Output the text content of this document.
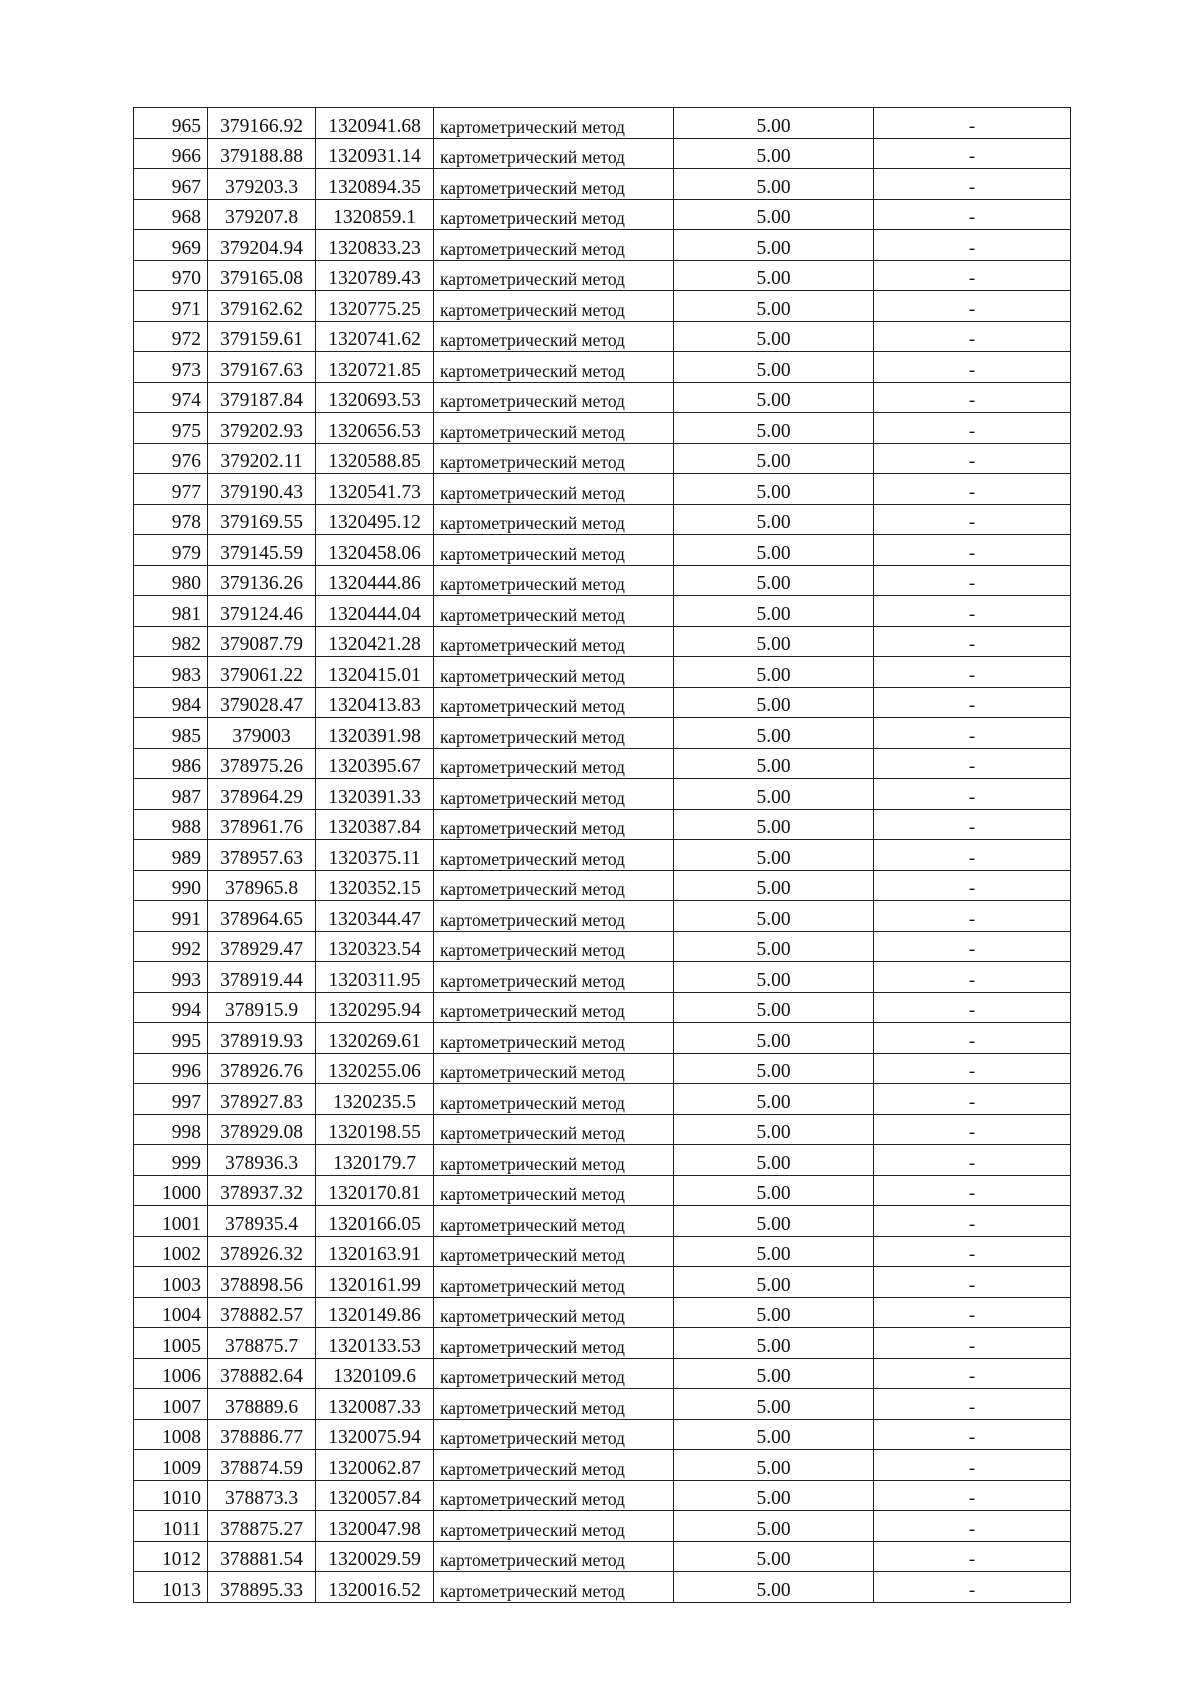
965	379166.92	1320941.68	картометрический метод	5.00	-
966	379188.88	1320931.14	картометрический метод	5.00	-
967	379203.3	1320894.35	картометрический метод	5.00	-
968	379207.8	1320859.1	картометрический метод	5.00	-
969	379204.94	1320833.23	картометрический метод	5.00	-
970	379165.08	1320789.43	картометрический метод	5.00	-
971	379162.62	1320775.25	картометрический метод	5.00	-
972	379159.61	1320741.62	картометрический метод	5.00	-
973	379167.63	1320721.85	картометрический метод	5.00	-
974	379187.84	1320693.53	картометрический метод	5.00	-
975	379202.93	1320656.53	картометрический метод	5.00	-
976	379202.11	1320588.85	картометрический метод	5.00	-
977	379190.43	1320541.73	картометрический метод	5.00	-
978	379169.55	1320495.12	картометрический метод	5.00	-
979	379145.59	1320458.06	картометрический метод	5.00	-
980	379136.26	1320444.86	картометрический метод	5.00	-
981	379124.46	1320444.04	картометрический метод	5.00	-
982	379087.79	1320421.28	картометрический метод	5.00	-
983	379061.22	1320415.01	картометрический метод	5.00	-
984	379028.47	1320413.83	картометрический метод	5.00	-
985	379003	1320391.98	картометрический метод	5.00	-
986	378975.26	1320395.67	картометрический метод	5.00	-
987	378964.29	1320391.33	картометрический метод	5.00	-
988	378961.76	1320387.84	картометрический метод	5.00	-
989	378957.63	1320375.11	картометрический метод	5.00	-
990	378965.8	1320352.15	картометрический метод	5.00	-
991	378964.65	1320344.47	картометрический метод	5.00	-
992	378929.47	1320323.54	картометрический метод	5.00	-
993	378919.44	1320311.95	картометрический метод	5.00	-
994	378915.9	1320295.94	картометрический метод	5.00	-
995	378919.93	1320269.61	картометрический метод	5.00	-
996	378926.76	1320255.06	картометрический метод	5.00	-
997	378927.83	1320235.5	картометрический метод	5.00	-
998	378929.08	1320198.55	картометрический метод	5.00	-
999	378936.3	1320179.7	картометрический метод	5.00	-
1000	378937.32	1320170.81	картометрический метод	5.00	-
1001	378935.4	1320166.05	картометрический метод	5.00	-
1002	378926.32	1320163.91	картометрический метод	5.00	-
1003	378898.56	1320161.99	картометрический метод	5.00	-
1004	378882.57	1320149.86	картометрический метод	5.00	-
1005	378875.7	1320133.53	картометрический метод	5.00	-
1006	378882.64	1320109.6	картометрический метод	5.00	-
1007	378889.6	1320087.33	картометрический метод	5.00	-
1008	378886.77	1320075.94	картометрический метод	5.00	-
1009	378874.59	1320062.87	картометрический метод	5.00	-
1010	378873.3	1320057.84	картометрический метод	5.00	-
1011	378875.27	1320047.98	картометрический метод	5.00	-
1012	378881.54	1320029.59	картометрический метод	5.00	-
1013	378895.33	1320016.52	картометрический метод	5.00	-
